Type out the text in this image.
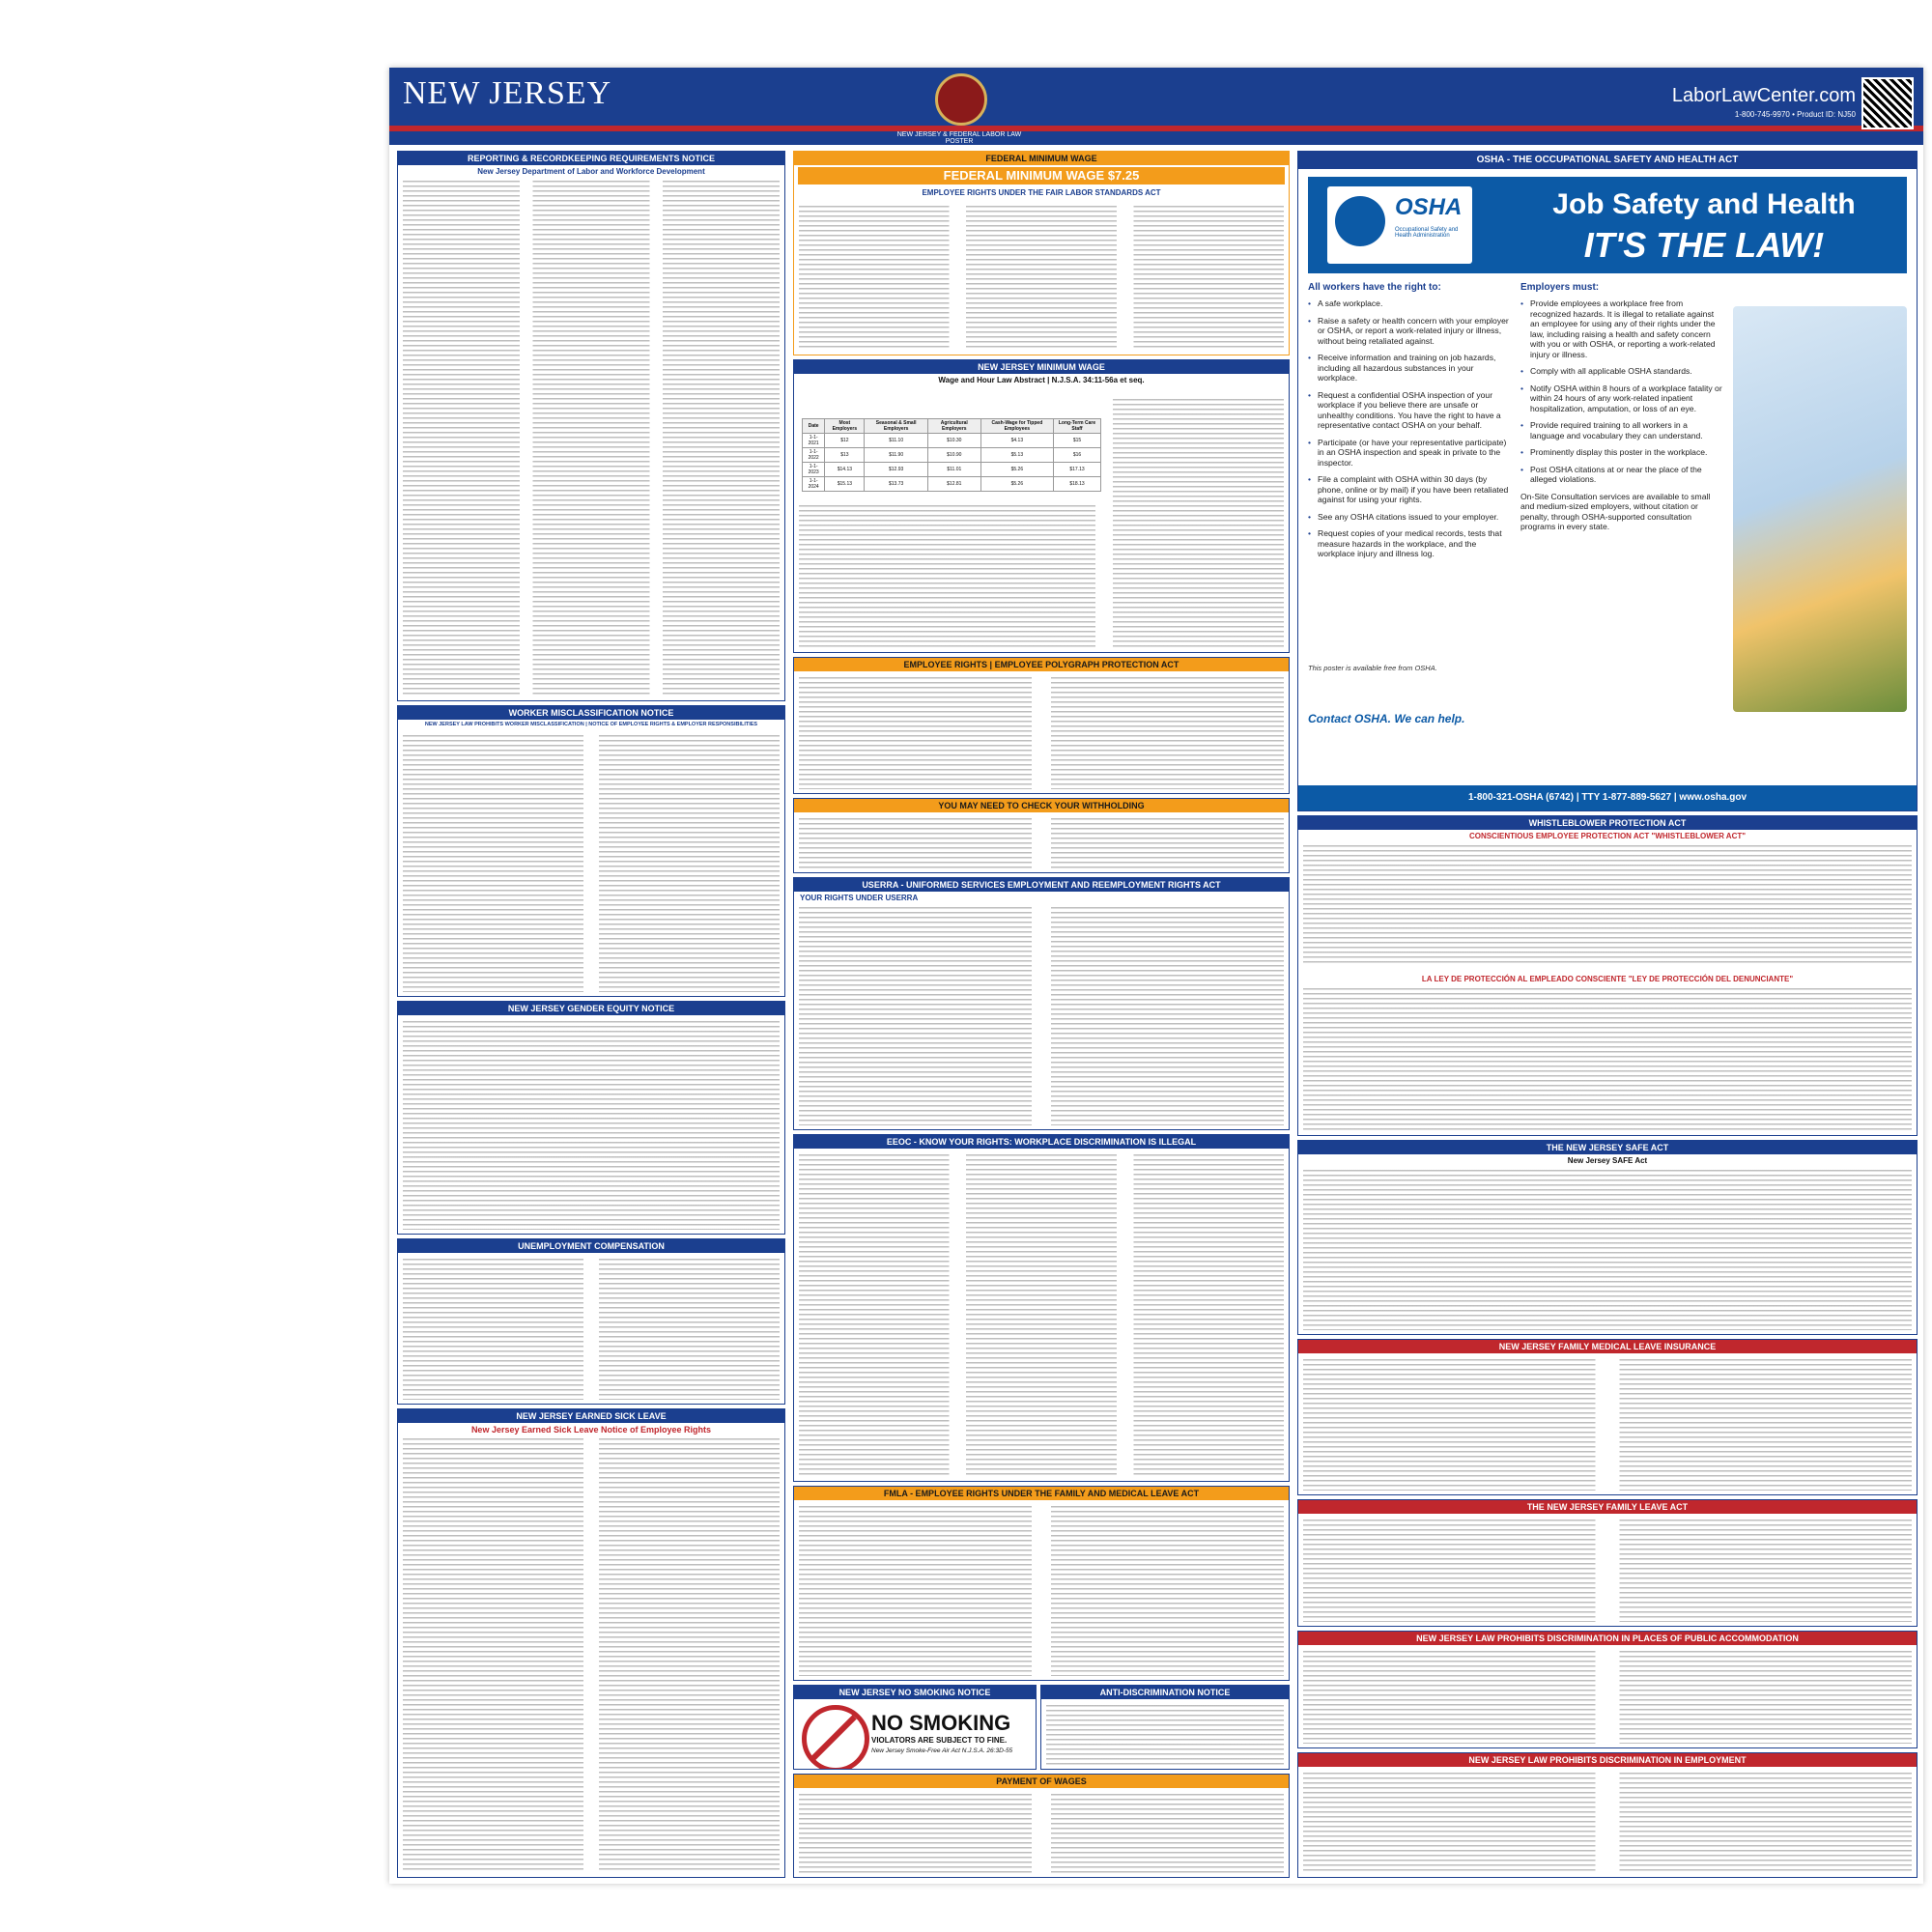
NEW JERSEY
NEW JERSEY & FEDERAL LABOR LAW POSTER
LaborLawCenter.com
1-800-745-9970 • Product ID: NJ50
REPORTING & RECORDKEEPING REQUIREMENTS NOTICE
New Jersey Department of Labor and Workforce Development
WORKER MISCLASSIFICATION NOTICE
NEW JERSEY LAW PROHIBITS WORKER MISCLASSIFICATION | NOTICE OF EMPLOYEE RIGHTS & EMPLOYER RESPONSIBILITIES
NEW JERSEY GENDER EQUITY NOTICE
UNEMPLOYMENT COMPENSATION
NEW JERSEY EARNED SICK LEAVE
New Jersey Earned Sick Leave Notice of Employee Rights
FEDERAL MINIMUM WAGE
FEDERAL MINIMUM WAGE $7.25
EMPLOYEE RIGHTS UNDER THE FAIR LABOR STANDARDS ACT
NEW JERSEY MINIMUM WAGE
Wage and Hour Law Abstract | N.J.S.A. 34:11-56a et seq.
Date	Most Employers	Seasonal & Small Employers	Agricultural Employers	Cash-Wage for Tipped Employees	Long-Term Care Staff
1-1-2021	$12	$11.10	$10.30	$4.13	$15
1-1-2022	$13	$11.90	$10.90	$5.13	$16
1-1-2023	$14.13	$12.93	$11.01	$5.26	$17.13
1-1-2024	$15.13	$13.73	$12.81	$5.26	$18.13
EMPLOYEE RIGHTS | EMPLOYEE POLYGRAPH PROTECTION ACT
YOU MAY NEED TO CHECK YOUR WITHHOLDING
USERRA - UNIFORMED SERVICES EMPLOYMENT AND REEMPLOYMENT RIGHTS ACT
YOUR RIGHTS UNDER USERRA
EEOC - KNOW YOUR RIGHTS: WORKPLACE DISCRIMINATION IS ILLEGAL
FMLA - EMPLOYEE RIGHTS UNDER THE FAMILY AND MEDICAL LEAVE ACT
NEW JERSEY NO SMOKING NOTICE
NO SMOKING
VIOLATORS ARE SUBJECT TO FINE.
New Jersey Smoke-Free Air Act N.J.S.A. 26:3D-55
ANTI-DISCRIMINATION NOTICE
PAYMENT OF WAGES
OSHA - THE OCCUPATIONAL SAFETY AND HEALTH ACT
OSHA
Occupational Safety and Health Administration
Job Safety and Health
IT'S THE LAW!
All workers have the right to:
• A safe workplace.
• Raise a safety or health concern with your employer or OSHA, or report a work-related injury or illness, without being retaliated against.
• Receive information and training on job hazards, including all hazardous substances in your workplace.
• Request a confidential OSHA inspection of your workplace if you believe there are unsafe or unhealthy conditions. You have the right to have a representative contact OSHA on your behalf.
• Participate (or have your representative participate) in an OSHA inspection and speak in private to the inspector.
• File a complaint with OSHA within 30 days (by phone, online or by mail) if you have been retaliated against for using your rights.
• See any OSHA citations issued to your employer.
• Request copies of your medical records, tests that measure hazards in the workplace, and the workplace injury and illness log.
Employers must:
• Provide employees a workplace free from recognized hazards. It is illegal to retaliate against an employee for using any of their rights under the law, including raising a health and safety concern with you or with OSHA, or reporting a work-related injury or illness.
• Comply with all applicable OSHA standards.
• Notify OSHA within 8 hours of a workplace fatality or within 24 hours of any work-related inpatient hospitalization, amputation, or loss of an eye.
• Provide required training to all workers in a language and vocabulary they can understand.
• Prominently display this poster in the workplace.
• Post OSHA citations at or near the place of the alleged violations.
On-Site Consultation services are available to small and medium-sized employers, without citation or penalty, through OSHA-supported consultation programs in every state.
This poster is available free from OSHA.
Contact OSHA. We can help.
1-800-321-OSHA (6742) | TTY 1-877-889-5627 | www.osha.gov
WHISTLEBLOWER PROTECTION ACT
CONSCIENTIOUS EMPLOYEE PROTECTION ACT "WHISTLEBLOWER ACT"
LA LEY DE PROTECCIÓN AL EMPLEADO CONSCIENTE "LEY DE PROTECCIÓN DEL DENUNCIANTE"
THE NEW JERSEY SAFE ACT
New Jersey SAFE Act
NEW JERSEY FAMILY MEDICAL LEAVE INSURANCE
THE NEW JERSEY FAMILY LEAVE ACT
NEW JERSEY LAW PROHIBITS DISCRIMINATION IN PLACES OF PUBLIC ACCOMMODATION
NEW JERSEY LAW PROHIBITS DISCRIMINATION IN EMPLOYMENT
